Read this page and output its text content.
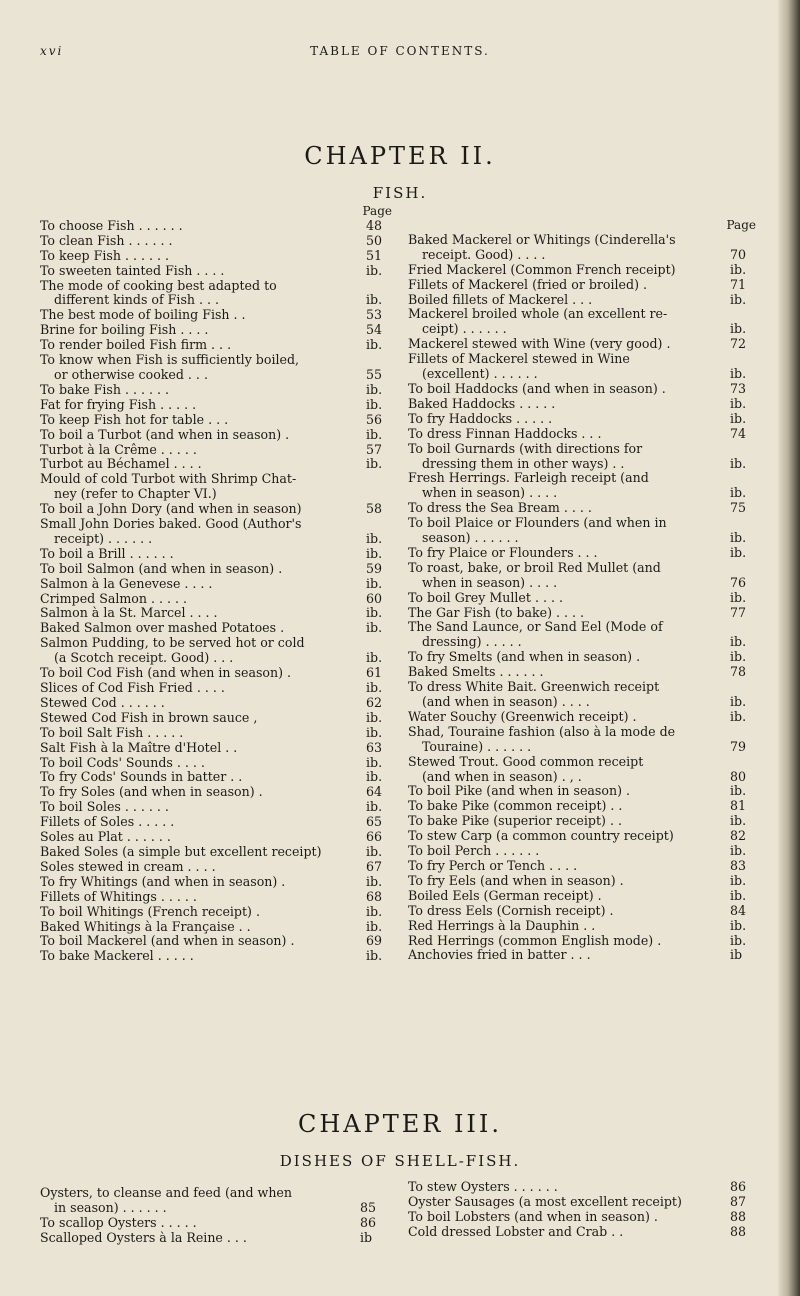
xvi	TABLE OF CONTENTS.
CHAPTER II.
FISH.
Page
To choose Fish . . . . . .	48
To clean Fish . . . . . .	50
To keep Fish . . . . . .	51
To sweeten tainted Fish . . . .	ib.
The mode of cooking best adapted to
different kinds of Fish . . .	ib.
The best mode of boiling Fish . .	53
Brine for boiling Fish . . . .	54
To render boiled Fish firm . . .	ib.
To know when Fish is sufficiently boiled,
or otherwise cooked . . .	55
To bake Fish . . . . . .	ib.
Fat for frying Fish . . . . .	ib.
To keep Fish hot for table . . .	56
To boil a Turbot (and when in season) .	ib.
Turbot à la Crême . . . . .	57
Turbot au Béchamel . . . .	ib.
Mould of cold Turbot with Shrimp Chat-
ney (refer to Chapter VI.)
To boil a John Dory (and when in season)	58
Small John Dories baked. Good (Author's
receipt) . . . . . .	ib.
To boil a Brill . . . . . .	ib.
To boil Salmon (and when in season) .	59
Salmon à la Genevese . . . .	ib.
Crimped Salmon . . . . .	60
Salmon à la St. Marcel . . . .	ib.
Baked Salmon over mashed Potatoes .	ib.
Salmon Pudding, to be served hot or cold
(a Scotch receipt. Good) . . .	ib.
To boil Cod Fish (and when in season) .	61
Slices of Cod Fish Fried . . . .	ib.
Stewed Cod . . . . . .	62
Stewed Cod Fish in brown sauce ,	ib.
To boil Salt Fish . . . . .	ib.
Salt Fish à la Maître d'Hotel . .	63
To boil Cods' Sounds . . . .	ib.
To fry Cods' Sounds in batter . .	ib.
To fry Soles (and when in season) .	64
To boil Soles . . . . . .	ib.
Fillets of Soles . . . . .	65
Soles au Plat . . . . . .	66
Baked Soles (a simple but excellent receipt)	ib.
Soles stewed in cream . . . .	67
To fry Whitings (and when in season) .	ib.
Fillets of Whitings . . . . .	68
To boil Whitings (French receipt) .	ib.
Baked Whitings à la Française . .	ib.
To boil Mackerel (and when in season) .	69
To bake Mackerel . . . . .	ib.
Page
Baked Mackerel or Whitings (Cinderella's
receipt. Good) . . . .	70
Fried Mackerel (Common French receipt)	ib.
Fillets of Mackerel (fried or broiled) .	71
Boiled fillets of Mackerel . . .	ib.
Mackerel broiled whole (an excellent re-
ceipt) . . . . . .	ib.
Mackerel stewed with Wine (very good) .	72
Fillets of Mackerel stewed in Wine
(excellent) . . . . . .	ib.
To boil Haddocks (and when in season) .	73
Baked Haddocks . . . . .	ib.
To fry Haddocks . . . . .	ib.
To dress Finnan Haddocks . . .	74
To boil Gurnards (with directions for
dressing them in other ways) . .	ib.
Fresh Herrings. Farleigh receipt (and
when in season) . . . .	ib.
To dress the Sea Bream . . . .	75
To boil Plaice or Flounders (and when in
season) . . . . . .	ib.
To fry Plaice or Flounders . . .	ib.
To roast, bake, or broil Red Mullet (and
when in season) . . . .	76
To boil Grey Mullet . . . .	ib.
The Gar Fish (to bake) . . . .	77
The Sand Launce, or Sand Eel (Mode of
dressing) . . . . .	ib.
To fry Smelts (and when in season) .	ib.
Baked Smelts . . . . . .	78
To dress White Bait. Greenwich receipt
(and when in season) . . . .	ib.
Water Souchy (Greenwich receipt) .	ib.
Shad, Touraine fashion (also à la mode de
Touraine) . . . . . .	79
Stewed Trout. Good common receipt
(and when in season) . , .	80
To boil Pike (and when in season) .	ib.
To bake Pike (common receipt) . .	81
To bake Pike (superior receipt) . .	ib.
To stew Carp (a common country receipt)	82
To boil Perch . . . . . .	ib.
To fry Perch or Tench . . . .	83
To fry Eels (and when in season) .	ib.
Boiled Eels (German receipt) .	ib.
To dress Eels (Cornish receipt) .	84
Red Herrings à la Dauphin . .	ib.
Red Herrings (common English mode) .	ib.
Anchovies fried in batter . . .	ib
CHAPTER III.
DISHES OF SHELL-FISH.
Oysters, to cleanse and feed (and when
in season) . . . . . .	85
To scallop Oysters . . . . .	86
Scalloped Oysters à la Reine . . .	ib
To stew Oysters . . . . . .	86
Oyster Sausages (a most excellent receipt)	87
To boil Lobsters (and when in season) .	88
Cold dressed Lobster and Crab . .	88
